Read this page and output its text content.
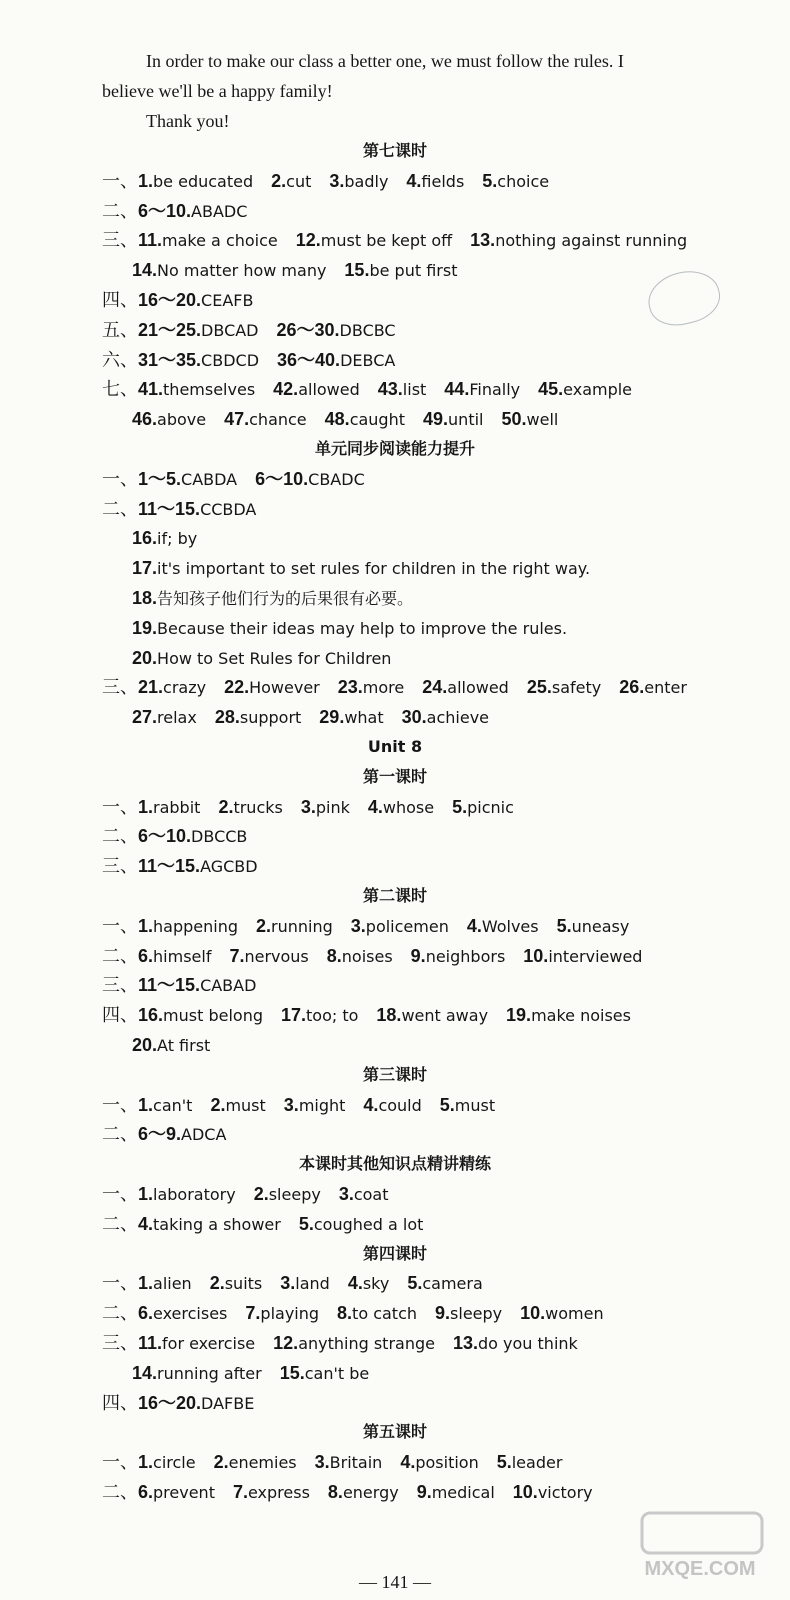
In order to make our class a better one, we must follow the rules. I
believe we'll be a happy family!
Thank you!
第七课时
一、1.be educated 2.cut 3.badly 4.fields 5.choice
二、6～10.ABADC
三、11.make a choice 12.must be kept off 13.nothing against running
14.No matter how many 15.be put first
四、16～20.CEAFB
五、21～25.DBCAD 26～30.DBCBC
六、31～35.CBDCD 36～40.DEBCA
七、41.themselves 42.allowed 43.list 44.Finally 45.example
46.above 47.chance 48.caught 49.until 50.well
单元同步阅读能力提升
一、1～5.CABDA 6～10.CBADC
二、11～15.CCBDA
16.if; by
17.it's important to set rules for children in the right way.
18.告知孩子他们行为的后果很有必要。
19.Because their ideas may help to improve the rules.
20.How to Set Rules for Children
三、21.crazy 22.However 23.more 24.allowed 25.safety 26.enter
27.relax 28.support 29.what 30.achieve
Unit 8
第一课时
一、1.rabbit 2.trucks 3.pink 4.whose 5.picnic
二、6～10.DBCCB
三、11～15.AGCBD
第二课时
一、1.happening 2.running 3.policemen 4.Wolves 5.uneasy
二、6.himself 7.nervous 8.noises 9.neighbors 10.interviewed
三、11～15.CABAD
四、16.must belong 17.too; to 18.went away 19.make noises
20.At first
第三课时
一、1.can't 2.must 3.might 4.could 5.must
二、6～9.ADCA
本课时其他知识点精讲精练
一、1.laboratory 2.sleepy 3.coat
二、4.taking a shower 5.coughed a lot
第四课时
一、1.alien 2.suits 3.land 4.sky 5.camera
二、6.exercises 7.playing 8.to catch 9.sleepy 10.women
三、11.for exercise 12.anything strange 13.do you think
14.running after 15.can't be
四、16～20.DAFBE
第五课时
一、1.circle 2.enemies 3.Britain 4.position 5.leader
二、6.prevent 7.express 8.energy 9.medical 10.victory
MXQE.COM
— 141 —
